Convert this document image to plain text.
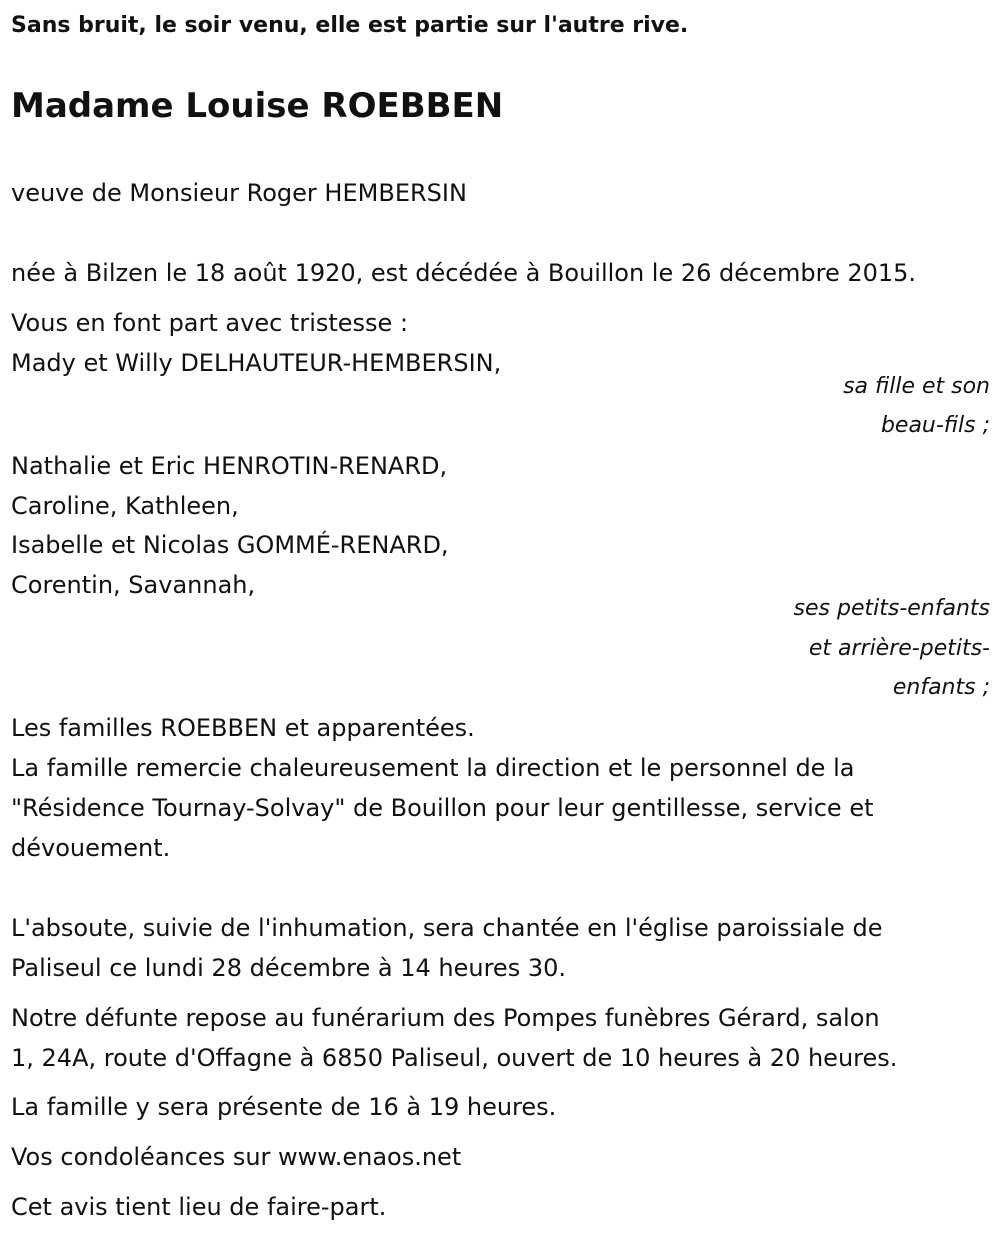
Sans bruit, le soir venu, elle est partie sur l'autre rive.

Madame Louise ROEBBEN

veuve de Monsieur Roger HEMBERSIN

née à Bilzen le 18 août 1920, est décédée à Bouillon le 26 décembre 2015.

Vous en font part avec tristesse :

Mady et Willy DELHAUTEUR-HEMBERSIN,

sa fille et son

beau-fils ;

Nathalie et Eric HENROTIN-RENARD,

Caroline, Kathleen,

Isabelle et Nicolas GOMMÉ-RENARD,

Corentin, Savannah,

ses petits-enfants

et arrière-petits-

enfants ;

Les familles ROEBBEN et apparentées.

La famille remercie chaleureusement la direction et le personnel de la

"Résidence Tournay-Solvay" de Bouillon pour leur gentillesse, service et

dévouement.

L'absoute, suivie de l'inhumation, sera chantée en l'église paroissiale de

Paliseul ce lundi 28 décembre à 14 heures 30.

Notre défunte repose au funérarium des Pompes funèbres Gérard, salon

1, 24A, route d'Offagne à 6850 Paliseul, ouvert de 10 heures à 20 heures.

La famille y sera présente de 16 à 19 heures.

Vos condoléances sur www.enaos.net

Cet avis tient lieu de faire-part.
